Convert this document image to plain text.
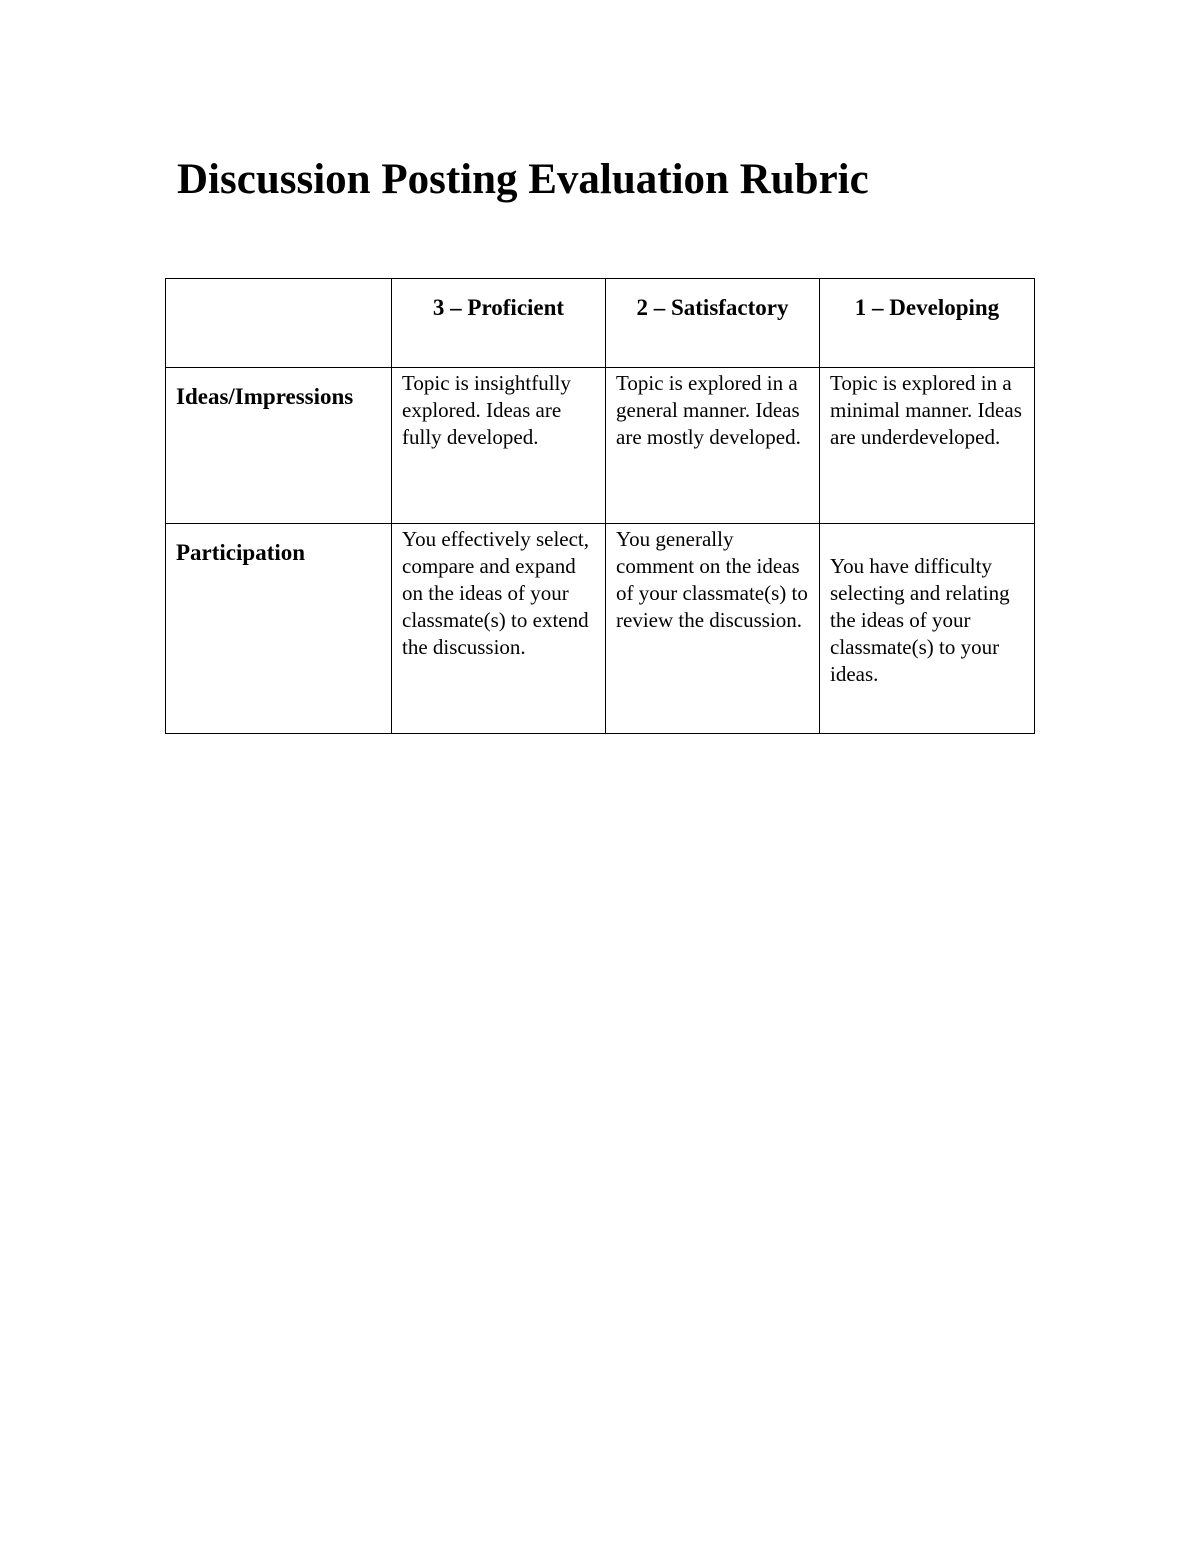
Discussion Posting Evaluation Rubric
	3 – Proficient	2 – Satisfactory	1 – Developing
Ideas/Impressions	Topic is insightfully explored. Ideas are fully developed.	Topic is explored in a general manner. Ideas are mostly developed.	Topic is explored in a minimal manner. Ideas are underdeveloped.
Participation	You effectively select, compare and expand on the ideas of your classmate(s) to extend the discussion.	You generally comment on the ideas of your classmate(s) to review the discussion.	You have difficulty selecting and relating the ideas of your classmate(s) to your ideas.
